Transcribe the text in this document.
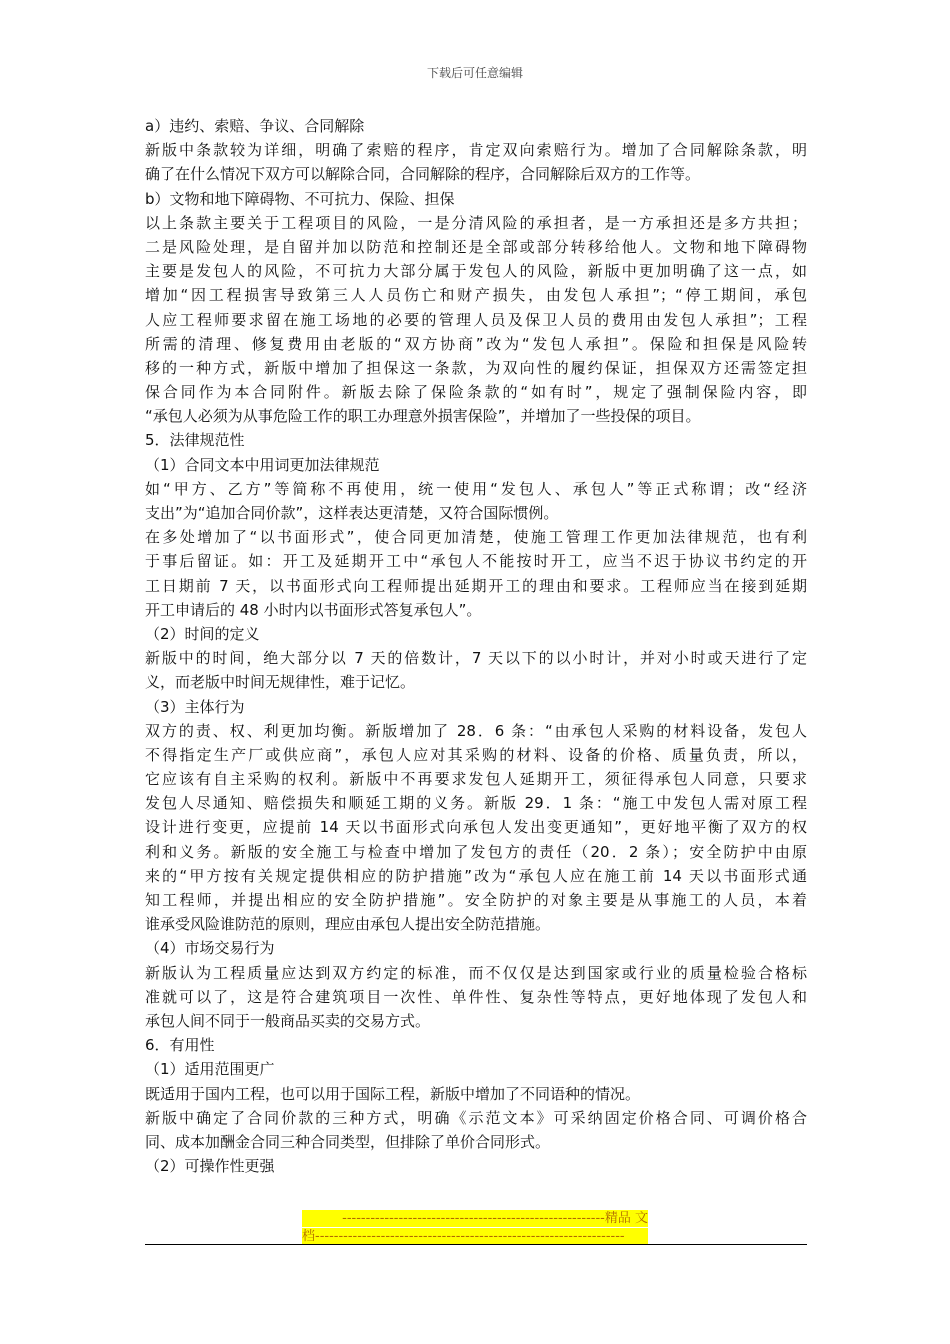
下载后可任意编辑
a）违约、索赔、争议、合同解除
新版中条款较为详细，明确了索赔的程序，肯定双向索赔行为。增加了合同解除条款，明
确了在什么情况下双方可以解除合同，合同解除的程序，合同解除后双方的工作等。
b）文物和地下障碍物、不可抗力、保险、担保
以上条款主要关于工程项目的风险，一是分清风险的承担者，是一方承担还是多方共担；
二是风险处理，是自留并加以防范和控制还是全部或部分转移给他人。文物和地下障碍物
主要是发包人的风险，不可抗力大部分属于发包人的风险，新版中更加明确了这一点，如
增加“因工程损害导致第三人人员伤亡和财产损失，由发包人承担”；“停工期间，承包
人应工程师要求留在施工场地的必要的管理人员及保卫人员的费用由发包人承担”；工程
所需的清理、修复费用由老版的“双方协商”改为“发包人承担”。保险和担保是风险转
移的一种方式，新版中增加了担保这一条款，为双向性的履约保证，担保双方还需签定担
保合同作为本合同附件。新版去除了保险条款的“如有时”，规定了强制保险内容，即
“承包人必须为从事危险工作的职工办理意外损害保险”，并增加了一些投保的项目。
5．法律规范性
（1）合同文本中用词更加法律规范
如“甲方、乙方”等简称不再使用，统一使用“发包人、承包人”等正式称谓；改“经济
支出”为“追加合同价款”，这样表达更清楚，又符合国际惯例。
在多处增加了“以书面形式”，使合同更加清楚，使施工管理工作更加法律规范，也有利
于事后留证。如：开工及延期开工中“承包人不能按时开工，应当不迟于协议书约定的开
工日期前 7 天，以书面形式向工程师提出延期开工的理由和要求。工程师应当在接到延期
开工申请后的 48 小时内以书面形式答复承包人”。
（2）时间的定义
新版中的时间，绝大部分以 7 天的倍数计，7 天以下的以小时计，并对小时或天进行了定
义，而老版中时间无规律性，难于记忆。
（3）主体行为
双方的责、权、利更加均衡。新版增加了 28．6 条：“由承包人采购的材料设备，发包人
不得指定生产厂或供应商”，承包人应对其采购的材料、设备的价格、质量负责，所以，
它应该有自主采购的权利。新版中不再要求发包人延期开工，须征得承包人同意，只要求
发包人尽通知、赔偿损失和顺延工期的义务。新版 29．1 条：“施工中发包人需对原工程
设计进行变更，应提前 14 天以书面形式向承包人发出变更通知”，更好地平衡了双方的权
利和义务。新版的安全施工与检查中增加了发包方的责任（20．2 条）；安全防护中由原
来的“甲方按有关规定提供相应的防护措施”改为“承包人应在施工前 14 天以书面形式通
知工程师，并提出相应的安全防护措施”。安全防护的对象主要是从事施工的人员，本着
谁承受风险谁防范的原则，理应由承包人提出安全防范措施。
（4）市场交易行为
新版认为工程质量应达到双方约定的标准，而不仅仅是达到国家或行业的质量检验合格标
准就可以了，这是符合建筑项目一次性、单件性、复杂性等特点，更好地体现了发包人和
承包人间不同于一般商品买卖的交易方式。
6．有用性
（1）适用范围更广
既适用于国内工程，也可以用于国际工程，新版中增加了不同语种的情况。
新版中确定了合同价款的三种方式，明确《示范文本》可采纳固定价格合同、可调价格合
同、成本加酬金合同三种合同类型，但排除了单价合同形式。
（2）可操作性更强
--------------------------------------------------------精品 文
档------------------------------------------------------------------
